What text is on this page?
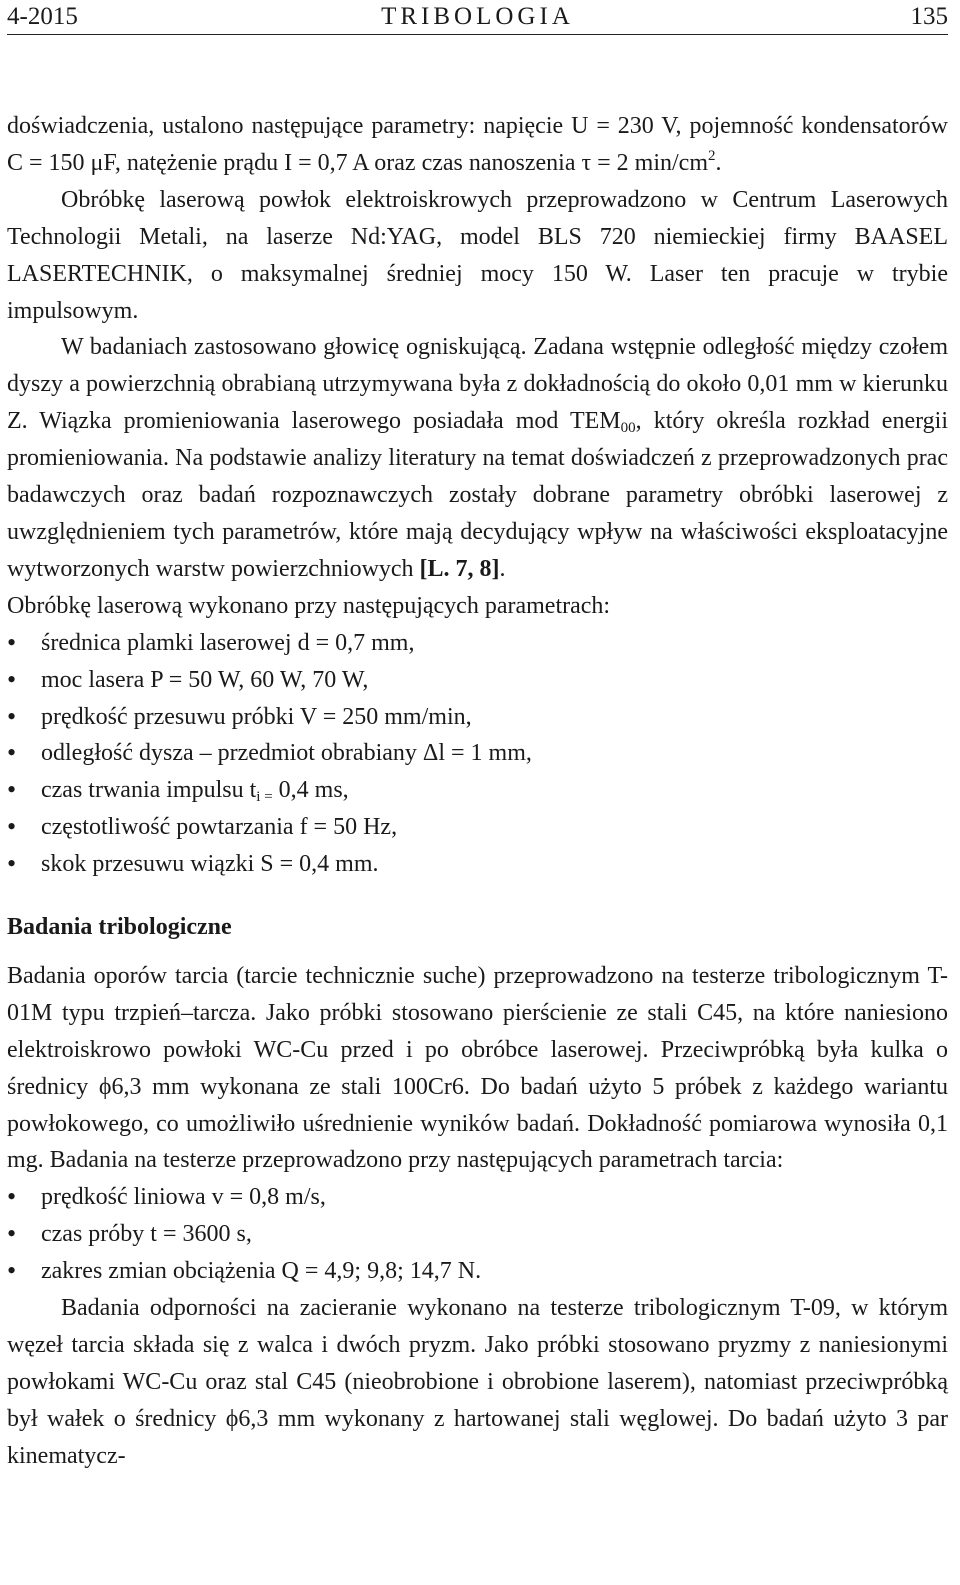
4-2015	TRIBOLOGIA	135

doświadczenia, ustalono następujące parametry: napięcie U = 230 V, pojemność kondensatorów C = 150 μF, natężenie prądu I = 0,7 A oraz czas nanoszenia τ = 2 $\min/cm^2$.

Obróbkę laserową powłok elektroiskrowych przeprowadzono w Centrum Laserowych Technologii Metali, na laserze Nd:YAG, model BLS 720 niemieckiej firmy BAASEL LASERTECHNIK, o maksymalnej średniej mocy 150 W. Laser ten pracuje w trybie impulsowym.

W badaniach zastosowano głowicę ogniskującą. Zadana wstępnie odległość między czołem dyszy a powierzchnią obrabianą utrzymywana była z dokładnością do około 0,01 mm w kierunku Z. Wiązka promieniowania laserowego posiadała mod $TEM_{00}$, który określa rozkład energii promieniowania. Na podstawie analizy literatury na temat doświadczeń z przeprowadzonych prac badawczych oraz badań rozpoznawczych zostały dobrane parametry obróbki laserowej z uwzględnieniem tych parametrów, które mają decydujący wpływ na właściwości eksploatacyjne wytworzonych warstw powierzchniowych [L. 7, 8].

Obróbkę laserową wykonano przy następujących parametrach:

• średnica plamki laserowej d = 0,7 mm,
• moc lasera P = 50 W, 60 W, 70 W,
• prędkość przesuwu próbki V = 250 mm/min,
• odległość dysza – przedmiot obrabiany Δl = 1 mm,
• czas trwania impulsu $t_{i =}$ 0,4 ms,
• częstotliwość powtarzania f = 50 Hz,
• skok przesuwu wiązki S = 0,4 mm.

Badania tribologiczne

Badania oporów tarcia (tarcie technicznie suche) przeprowadzono na testerze tribologicznym T-01M typu trzpień–tarcza. Jako próbki stosowano pierścienie ze stali C45, na które naniesiono elektroiskrowo powłoki WC-Cu przed i po obróbce laserowej. Przeciwpróbką była kulka o średnicy ϕ6,3 mm wykonana ze stali 100Cr6. Do badań użyto 5 próbek z każdego wariantu powłokowego, co umożliwiło uśrednienie wyników badań. Dokładność pomiarowa wynosiła 0,1 mg. Badania na testerze przeprowadzono przy następujących parametrach tarcia:

• prędkość liniowa v = 0,8 m/s,
• czas próby t = 3600 s,
• zakres zmian obciążenia Q = 4,9; 9,8; 14,7 N.

Badania odporności na zacieranie wykonano na testerze tribologicznym T-09, w którym węzeł tarcia składa się z walca i dwóch pryzm. Jako próbki stosowano pryzmy z naniesionymi powłokami WC-Cu oraz stal C45 (nieobrobione i obrobione laserem), natomiast przeciwpróbką był wałek o średnicy ϕ6,3 mm wykonany z hartowanej stali węglowej. Do badań użyto 3 par kinematycz-
